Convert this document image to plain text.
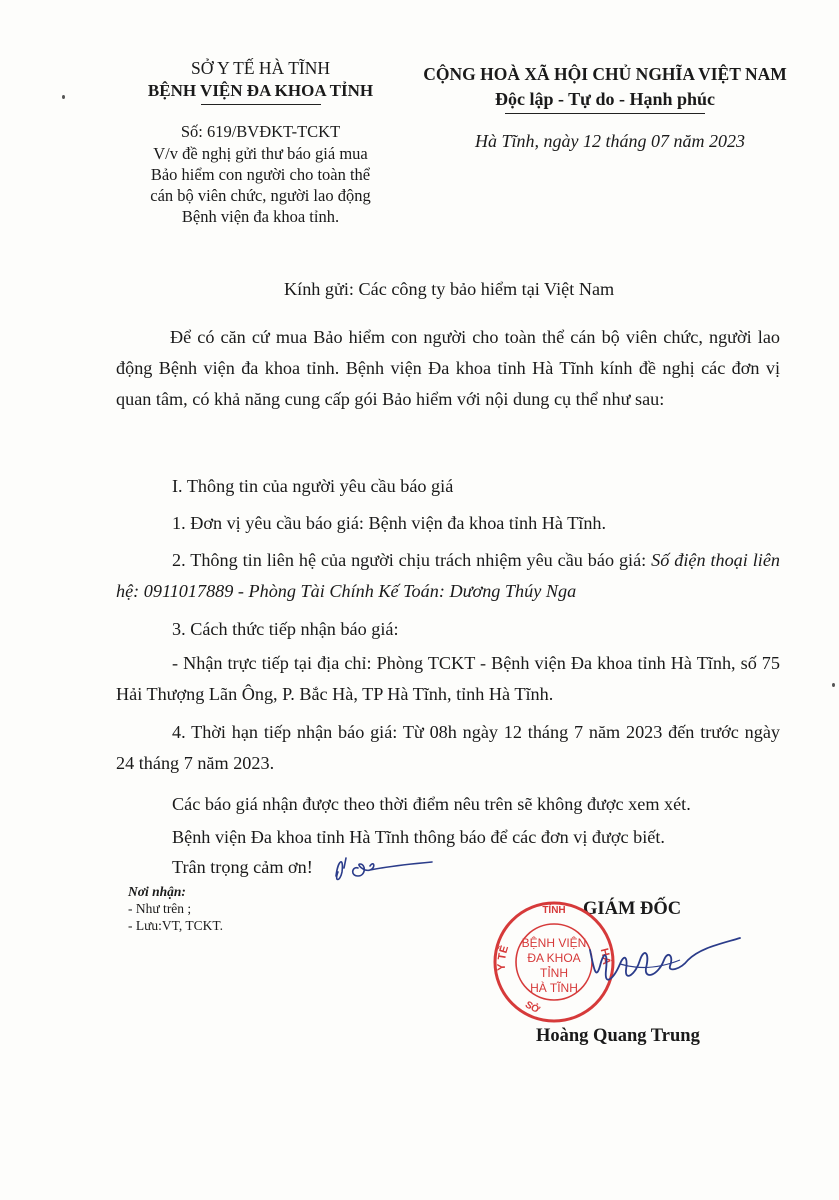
SỞ Y TẾ HÀ TĨNH
BỆNH VIỆN ĐA KHOA TỈNH
Số: 619/BVĐKT-TCKT
V/v đề nghị gửi thư báo giá mua
Bảo hiểm con người cho toàn thể
cán bộ viên chức, người lao động
Bệnh viện đa khoa tỉnh.
CỘNG HOÀ XÃ HỘI CHỦ NGHĨA VIỆT NAM
Độc lập - Tự do - Hạnh phúc
Hà Tĩnh, ngày 12 tháng 07 năm 2023
Kính gửi: Các công ty bảo hiểm tại Việt Nam

Để có căn cứ mua Bảo hiểm con người cho toàn thể cán bộ viên chức, người lao động Bệnh viện đa khoa tỉnh. Bệnh viện Đa khoa tỉnh Hà Tĩnh kính đề nghị các đơn vị quan tâm, có khả năng cung cấp gói Bảo hiểm với nội dung cụ thể như sau:

I. Thông tin của người yêu cầu báo giá
1. Đơn vị yêu cầu báo giá: Bệnh viện đa khoa tỉnh Hà Tĩnh.

2. Thông tin liên hệ của người chịu trách nhiệm yêu cầu báo giá: Số điện thoại liên hệ: 0911017889 - Phòng Tài Chính Kế Toán: Dương Thúy Nga

3. Cách thức tiếp nhận báo giá:

- Nhận trực tiếp tại địa chỉ: Phòng TCKT - Bệnh viện Đa khoa tỉnh Hà Tĩnh, số 75 Hải Thượng Lãn Ông, P. Bắc Hà, TP Hà Tĩnh, tỉnh Hà Tĩnh.

4. Thời hạn tiếp nhận báo giá: Từ 08h ngày 12 tháng 7 năm 2023 đến trước ngày 24 tháng 7 năm 2023.

Các báo giá nhận được theo thời điểm nêu trên sẽ không được xem xét.
Bệnh viện Đa khoa tỉnh Hà Tĩnh thông báo để các đơn vị được biết.
Trân trọng cảm ơn!
Nơi nhận:
- Như trên ;
- Lưu:VT, TCKT.
GIÁM ĐỐC
Y TẾ
TỈNH
HÀ
SỞ
BỆNH VIỆN
ĐA KHOA
TỈNH
HÀ TĨNH
Hoàng Quang Trung
